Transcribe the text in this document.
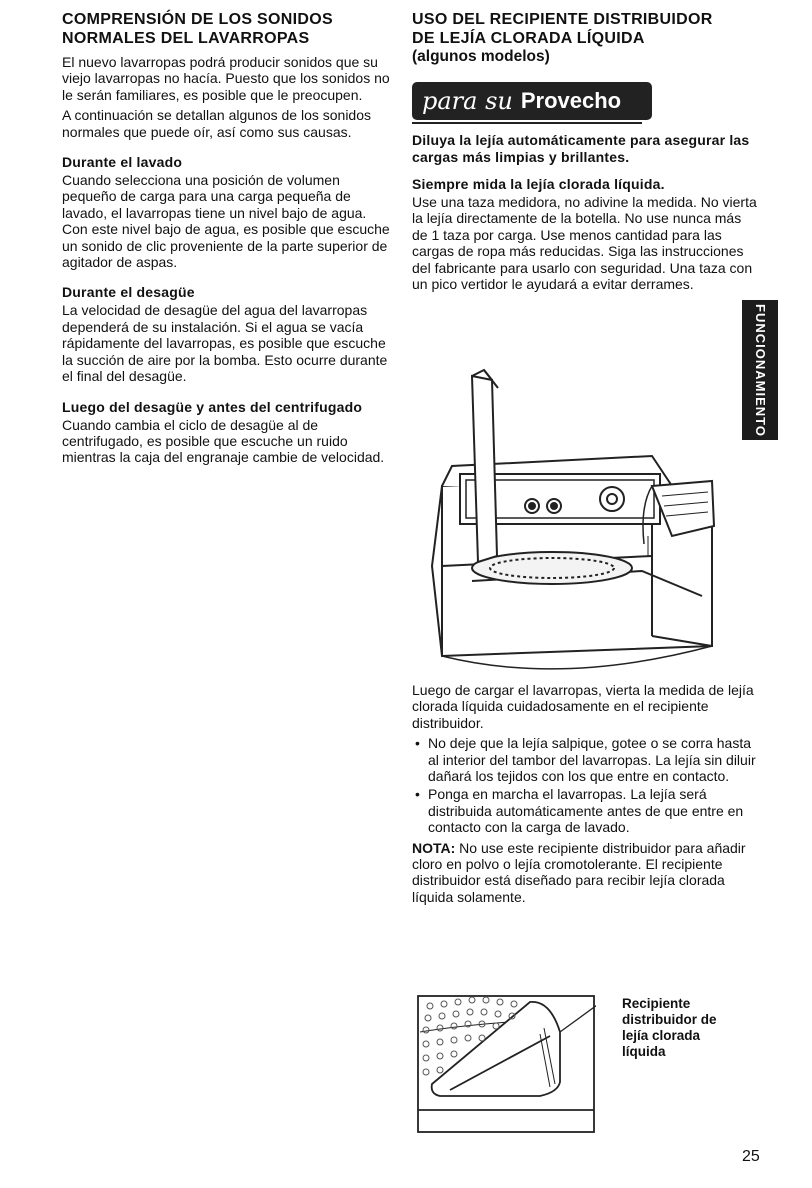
COMPRENSIÓN DE LOS SONIDOS
NORMALES DEL LAVARROPAS

El nuevo lavarropas podrá producir sonidos que su viejo lavarropas no hacía. Puesto que los sonidos no le serán familiares, es posible que le preocupen.

A continuación se detallan algunos de los sonidos normales que puede oír, así como sus causas.

Durante el lavado

Cuando selecciona una posición de volumen pequeño de carga para una carga pequeña de lavado, el lavarropas tiene un nivel bajo de agua. Con este nivel bajo de agua, es posible que escuche un sonido de clic proveniente de la parte superior de agitador de aspas.

Durante el desagüe

La velocidad de desagüe del agua del lavarropas dependerá de su instalación. Si el agua se vacía rápidamente del lavarropas, es posible que escuche la succión de aire por la bomba. Esto ocurre durante el final del desagüe.

Luego del desagüe y antes del centrifugado

Cuando cambia el ciclo de desagüe al de centrifugado, es posible que escuche un ruido mientras la caja del engranaje cambie de velocidad.

USO DEL RECIPIENTE DISTRIBUIDOR
DE LEJÍA CLORADA LÍQUIDA
(algunos modelos)
para su Provecho
Diluya la lejía automáticamente para asegurar las cargas más limpias y brillantes.
Siempre mida la lejía clorada líquida.

Use una taza medidora, no adivine la medida. No vierta la lejía directamente de la botella. No use nunca más de 1 taza por carga. Use menos cantidad para las cargas de ropa más reducidas. Siga las instrucciones del fabricante para usarlo con seguridad. Una taza con un pico vertidor le ayudará a evitar derrames.

Luego de cargar el lavarropas, vierta la medida de lejía clorada líquida cuidadosamente en el recipiente distribuidor.

• No deje que la lejía salpique, gotee o se corra hasta al interior del tambor del lavarropas. La lejía sin diluir dañará los tejidos con los que entre en contacto.
• Ponga en marcha el lavarropas. La lejía será distribuida automáticamente antes de que entre en contacto con la carga de lavado.

NOTA: No use este recipiente distribuidor para añadir cloro en polvo o lejía cromotolerante. El recipiente distribuidor está diseñado para recibir lejía clorada líquida solamente.

Recipiente
distribuidor de
lejía clorada
líquida
FUNCIONAMIENTO
25
